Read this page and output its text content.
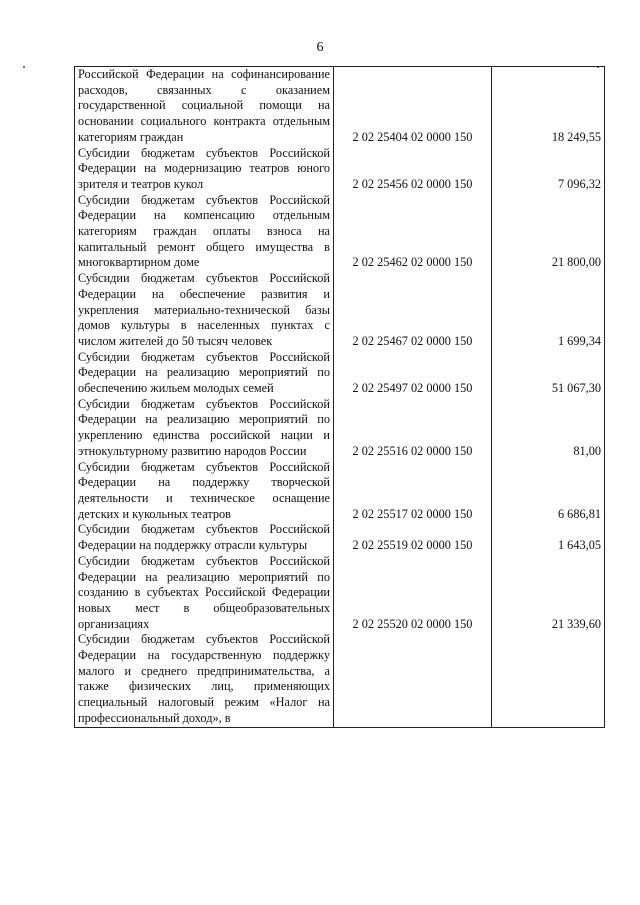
6
Российской Федерации на софинансирование расходов, связанных с оказанием государственной социальной помощи на основании социального контракта отдельным категориям граждан	2 02 25404 02 0000 150	18 249,55
Субсидии бюджетам субъектов Российской Федерации на модернизацию театров юного зрителя и театров кукол	2 02 25456 02 0000 150	7 096,32
Субсидии бюджетам субъектов Российской Федерации на компенсацию отдельным категориям граждан оплаты взноса на капитальный ремонт общего имущества в многоквартирном доме	2 02 25462 02 0000 150	21 800,00
Субсидии бюджетам субъектов Российской Федерации на обеспечение развития и укрепления материально-технической базы домов культуры в населенных пунктах с числом жителей до 50 тысяч человек	2 02 25467 02 0000 150	1 699,34
Субсидии бюджетам субъектов Российской Федерации на реализацию мероприятий по обеспечению жильем молодых семей	2 02 25497 02 0000 150	51 067,30
Субсидии бюджетам субъектов Российской Федерации на реализацию мероприятий по укреплению единства российской нации и этнокультурному развитию народов России	2 02 25516 02 0000 150	81,00
Субсидии бюджетам субъектов Российской Федерации на поддержку творческой деятельности и техническое оснащение детских и кукольных театров	2 02 25517 02 0000 150	6 686,81
Субсидии бюджетам субъектов Российской Федерации на поддержку отрасли культуры	2 02 25519 02 0000 150	1 643,05
Субсидии бюджетам субъектов Российской Федерации на реализацию мероприятий по созданию в субъектах Российской Федерации новых мест в общеобразовательных организациях	2 02 25520 02 0000 150	21 339,60
Субсидии бюджетам субъектов Российской Федерации на государственную поддержку малого и среднего предпринимательства, а также физических лиц, применяющих специальный налоговый режим «Налог на профессиональный доход», в		
